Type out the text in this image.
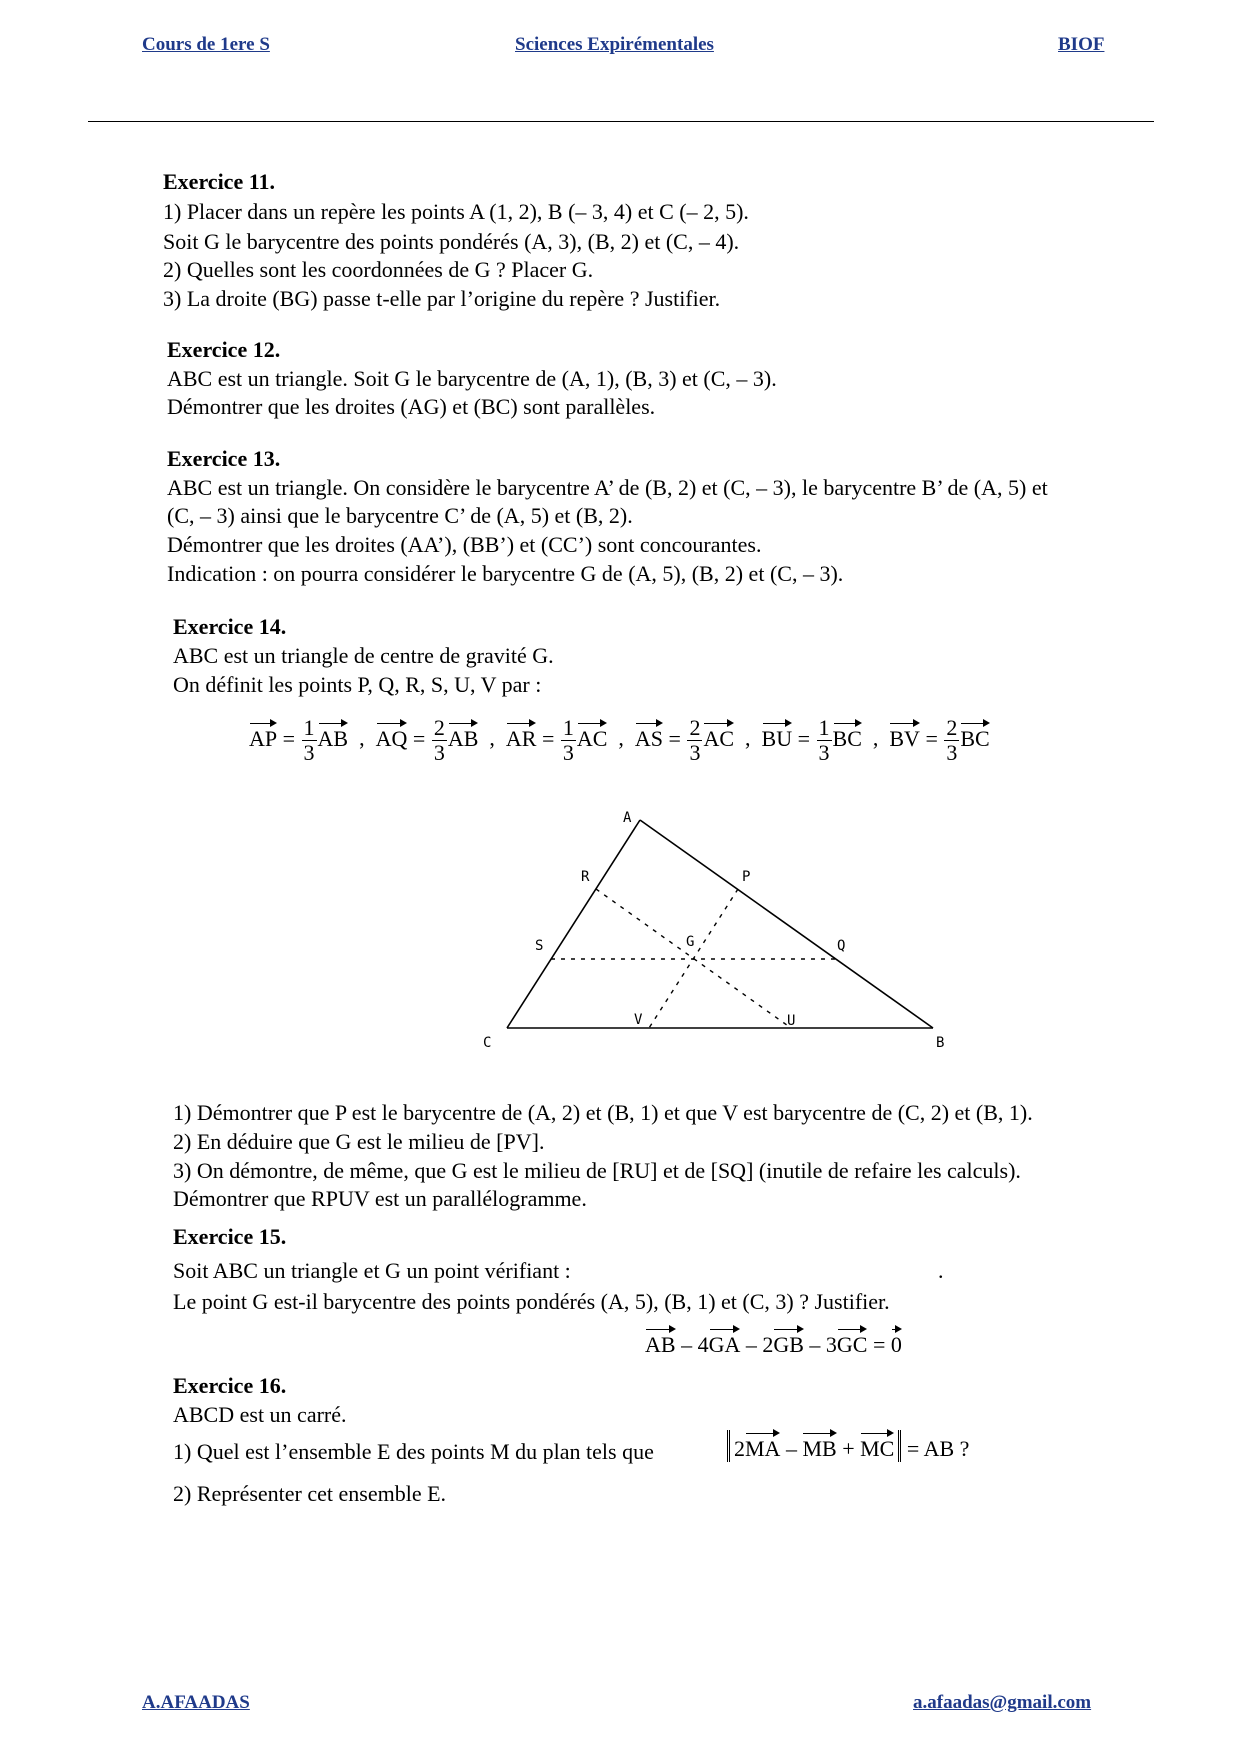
Cours de 1ere S	Sciences Expirémentales	BIOF
Exercice 11.
1) Placer dans un repère les points A (1, 2), B (– 3, 4) et C (– 2, 5).
Soit G le barycentre des points pondérés (A, 3), (B, 2) et (C, – 4).
2) Quelles sont les coordonnées de G ? Placer G.
3) La droite (BG) passe t-elle par l’origine du repère ? Justifier.
Exercice 12.
ABC est un triangle. Soit G le barycentre de (A, 1), (B, 3) et (C, – 3).
Démontrer que les droites (AG) et (BC) sont parallèles.
Exercice 13.
ABC est un triangle. On considère le barycentre A’ de (B, 2) et (C, – 3), le barycentre B’ de (A, 5) et
(C, – 3) ainsi que le barycentre C’ de (A, 5) et (B, 2).
Démontrer que les droites (AA’), (BB’) et (CC’) sont concourantes.
Indication : on pourra considérer le barycentre G de (A, 5), (B, 2) et (C, – 3).
Exercice 14.
ABC est un triangle de centre de gravité G.
On définit les points P, Q, R, S, U, V par :
AP = $\frac{1}{3}$ AB , AQ = $\frac{2}{3}$ AB , AR = $\frac{1}{3}$ AC , AS = $\frac{2}{3}$ AC , BU = $\frac{1}{3}$ BC , BV = $\frac{2}{3}$ BC
A
B
C
R	P
S	G	Q
V	U
1) Démontrer que P est le barycentre de (A, 2) et (B, 1) et que V est barycentre de (C, 2) et (B, 1).
2) En déduire que G est le milieu de [PV].
3) On démontre, de même, que G est le milieu de [RU] et de [SQ] (inutile de refaire les calculs).
Démontrer que RPUV est un parallélogramme.
Exercice 15.
Soit ABC un triangle et G un point vérifiant :	.
Le point G est-il barycentre des points pondérés (A, 5), (B, 1) et (C, 3) ? Justifier.
AB – 4GA – 2GB – 3GC = 0
Exercice 16.
ABCD est un carré.
1) Quel est l’ensemble E des points M du plan tels que	2MA – MB + MC = AB ?
2) Représenter cet ensemble E.
A.AFAADAS	a.afaadas@gmail.com
